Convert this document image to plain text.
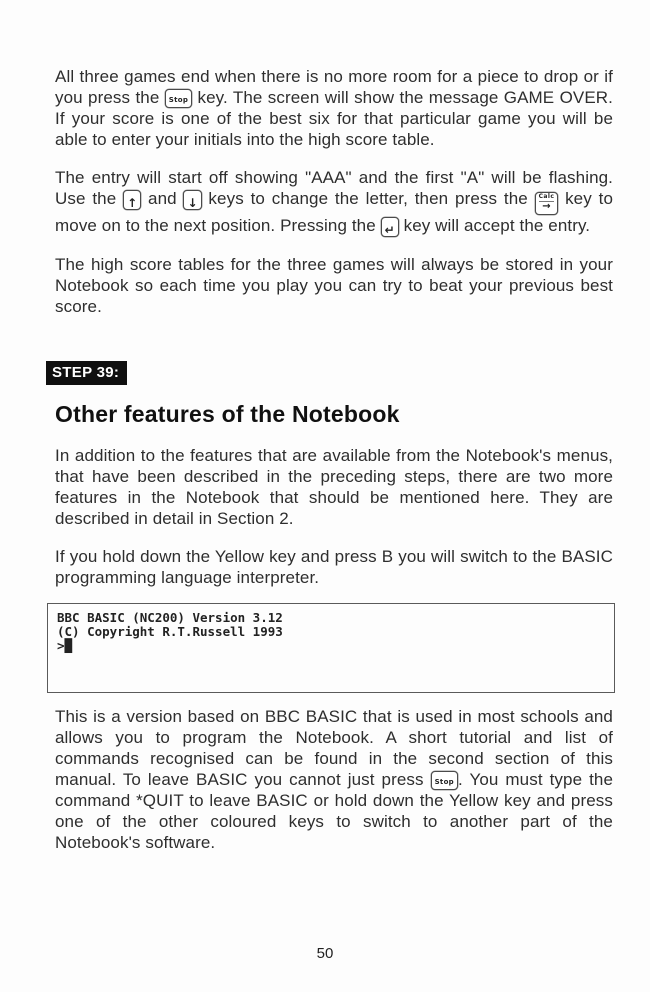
All three games end when there is no more room for a piece to drop or if you press the Stop key. The screen will show the message GAME OVER. If your score is one of the best six for that particular game you will be able to enter your initials into the high score table.

The entry will start off showing "AAA" and the first "A" will be flashing. Use the ↑ and ↓ keys to change the letter, then press the Calc
→ key to move on to the next position. Pressing the ↵ key will accept the entry.

The high score tables for the three games will always be stored in your Notebook so each time you play you can try to beat your previous best score.

STEP 39:
Other features of the Notebook

In addition to the features that are available from the Notebook's menus, that have been described in the preceding steps, there are two more features in the Notebook that should be mentioned here. They are described in detail in Section 2.

If you hold down the Yellow key and press B you will switch to the BASIC programming language interpreter.

BBC BASIC (NC200) Version 3.12
(C) Copyright R.T.Russell 1993
>█

This is a version based on BBC BASIC that is used in most schools and allows you to program the Notebook. A short tutorial and list of commands recognised can be found in the second section of this manual. To leave BASIC you cannot just press Stop . You must type the command *QUIT to leave BASIC or hold down the Yellow key and press one of the other coloured keys to switch to another part of the Notebook's software.

50
